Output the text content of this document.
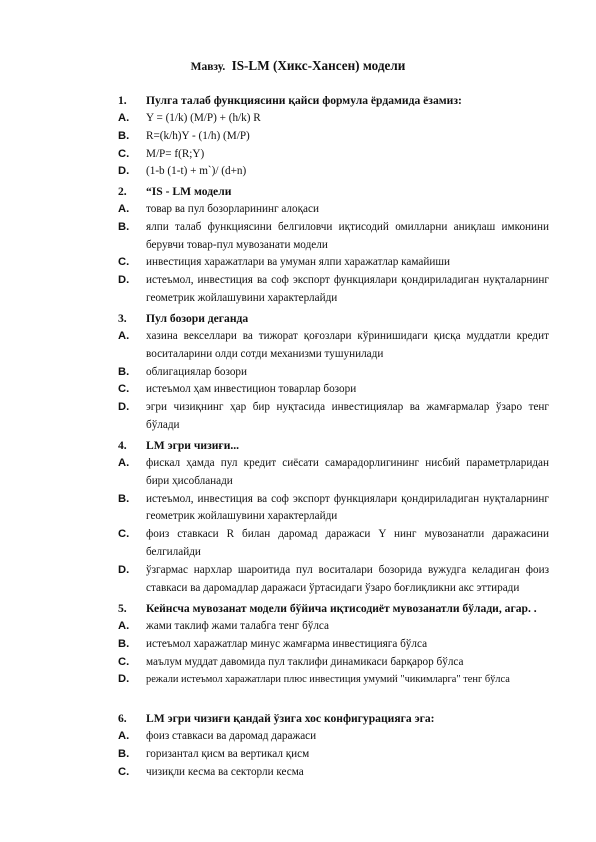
Мавзу. IS-LM (Хикс-Хансен) модели
1. Пулга талаб функциясини қайси формула ёрдамида ёзамиз:
A. Y = (1/k) (M/P) + (h/k) R
B. R=(k/h)Y - (1/h) (M/P)
C. M/P= f(R;Y)
D. (1-b (1-t) + m`)/ (d+n)
2. “IS - LM модели
A. товар ва пул бозорларининг алоқаси
B. ялпи талаб функциясини белгиловчи иқтисодий омилларни аниқлаш имконини берувчи товар-пул мувозанати модели
C. инвестиция харажатлари ва умуман ялпи харажатлар камайиши
D. истеъмол, инвестиция ва соф экспорт функциялари қондириладиган нуқталарнинг геометрик жойлашувини характерлайди
3. Пул бозори деганда
A. хазина векселлари ва тижорат қоғозлари кўринишидаги қисқа муддатли кредит воситаларини олди сотди механизми тушунилади
B. облигациялар бозори
C. истеъмол ҳам инвестицион товарлар бозори
D. эгри чизиқнинг ҳар бир нуқтасида инвестициялар ва жамғармалар ўзаро тенг бўлади
4. LM эгри чизиғи...
A. фискал ҳамда пул кредит сиёсати самарадорлигининг нисбий параметрларидан бири ҳисобланади
B. истеъмол, инвестиция ва соф экспорт функциялари қондириладиган нуқталарнинг геометрик жойлашувини характерлайди
C. фоиз ставкаси R билан даромад даражаси Y нинг мувозанатли даражасини белгилайди
D. ўзгармас нархлар шароитида пул воситалари бозорида вужудга келадиган фоиз ставкаси ва даромадлар даражаси ўртасидаги ўзаро боғлиқликни акс эттиради
5. Кейнсча мувозанат модели бўйича иқтисодиёт мувозанатли бўлади, агар. .
A. жами таклиф жами талабга тенг бўлса
B. истеъмол харажатлар минус жамғарма инвестицияга бўлса
C. маълум муддат давомида пул таклифи динамикаси барқарор бўлса
D. режали истеъмол харажатлари плюс инвестиция умумий "чикимларга" тенг бўлса
6. LM эгри чизиғи қандай ўзига хос конфигурацияга эга:
A. фоиз ставкаси ва даромад даражаси
B. горизантал қисм ва вертикал қисм
C. чизиқли кесма ва секторли кесма
